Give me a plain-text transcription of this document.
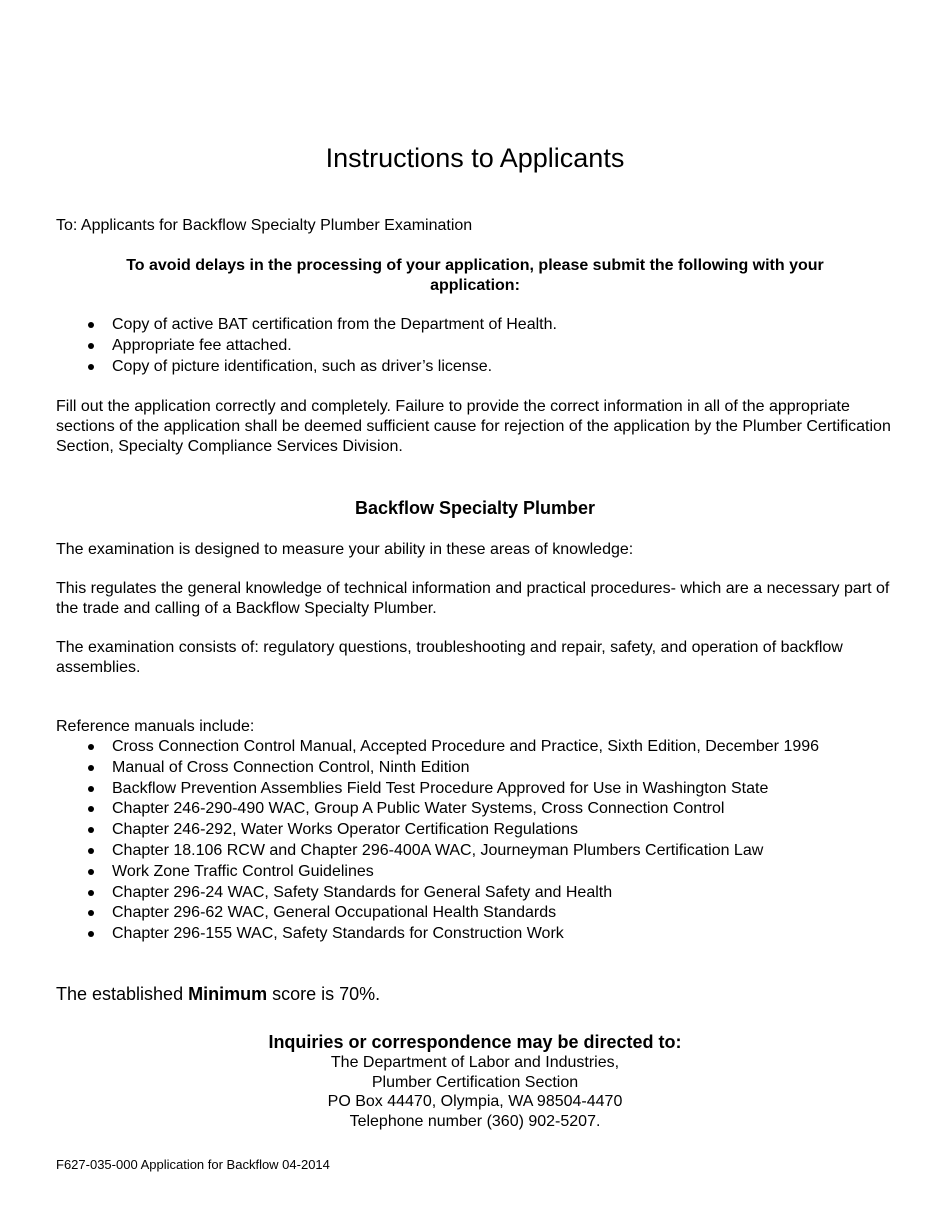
Instructions to Applicants
To: Applicants for Backflow Specialty Plumber Examination
To avoid delays in the processing of your application, please submit the following with your application:
Copy of active BAT certification from the Department of Health.
Appropriate fee attached.
Copy of picture identification, such as driver’s license.
Fill out the application correctly and completely. Failure to provide the correct information in all of the appropriate sections of the application shall be deemed sufficient cause for rejection of the application by the Plumber Certification Section, Specialty Compliance Services Division.
Backflow Specialty Plumber
The examination is designed to measure your ability in these areas of knowledge:
This regulates the general knowledge of technical information and practical procedures- which are a necessary part of the trade and calling of a Backflow Specialty Plumber.
The examination consists of: regulatory questions, troubleshooting and repair, safety, and operation of backflow assemblies.
Reference manuals include:
Cross Connection Control Manual, Accepted Procedure and Practice, Sixth Edition, December 1996
Manual of Cross Connection Control, Ninth Edition
Backflow Prevention Assemblies Field Test Procedure Approved for Use in Washington State
Chapter 246-290-490 WAC, Group A Public Water Systems, Cross Connection Control
Chapter 246-292, Water Works Operator Certification Regulations
Chapter 18.106 RCW and Chapter 296-400A WAC, Journeyman Plumbers Certification Law
Work Zone Traffic Control Guidelines
Chapter 296-24 WAC, Safety Standards for General Safety and Health
Chapter 296-62 WAC, General Occupational Health Standards
Chapter 296-155 WAC, Safety Standards for Construction Work
The established Minimum score is 70%.
Inquiries or correspondence may be directed to:
The Department of Labor and Industries,
Plumber Certification Section
PO Box 44470, Olympia, WA 98504-4470
Telephone number (360) 902-5207.
F627-035-000 Application for Backflow 04-2014
